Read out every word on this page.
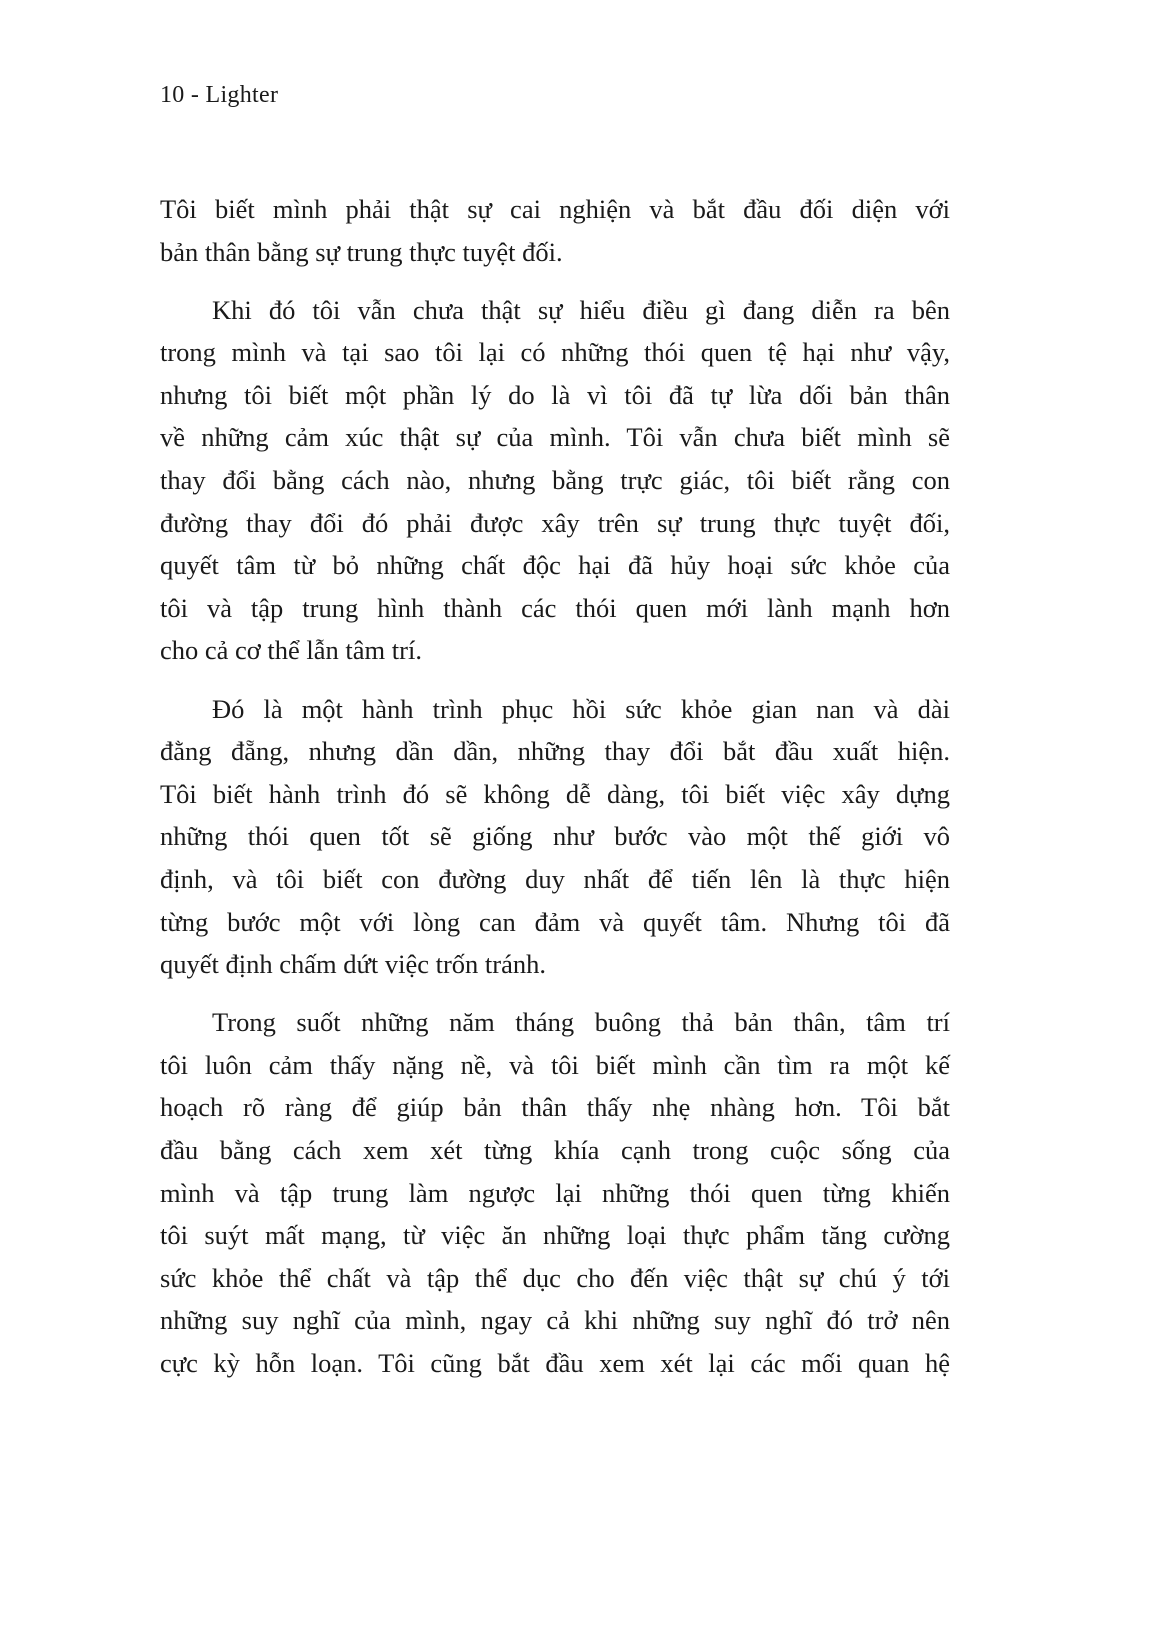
10 - Lighter
Tôi biết mình phải thật sự cai nghiện và bắt đầu đối diện với
bản thân bằng sự trung thực tuyệt đối.
Khi đó tôi vẫn chưa thật sự hiểu điều gì đang diễn ra bên
trong mình và tại sao tôi lại có những thói quen tệ hại như vậy,
nhưng tôi biết một phần lý do là vì tôi đã tự lừa dối bản thân
về những cảm xúc thật sự của mình. Tôi vẫn chưa biết mình sẽ
thay đổi bằng cách nào, nhưng bằng trực giác, tôi biết rằng con
đường thay đổi đó phải được xây trên sự trung thực tuyệt đối,
quyết tâm từ bỏ những chất độc hại đã hủy hoại sức khỏe của
tôi và tập trung hình thành các thói quen mới lành mạnh hơn
cho cả cơ thể lẫn tâm trí.
Đó là một hành trình phục hồi sức khỏe gian nan và dài
đằng đẵng, nhưng dần dần, những thay đổi bắt đầu xuất hiện.
Tôi biết hành trình đó sẽ không dễ dàng, tôi biết việc xây dựng
những thói quen tốt sẽ giống như bước vào một thế giới vô
định, và tôi biết con đường duy nhất để tiến lên là thực hiện
từng bước một với lòng can đảm và quyết tâm. Nhưng tôi đã
quyết định chấm dứt việc trốn tránh.
Trong suốt những năm tháng buông thả bản thân, tâm trí
tôi luôn cảm thấy nặng nề, và tôi biết mình cần tìm ra một kế
hoạch rõ ràng để giúp bản thân thấy nhẹ nhàng hơn. Tôi bắt
đầu bằng cách xem xét từng khía cạnh trong cuộc sống của
mình và tập trung làm ngược lại những thói quen từng khiến
tôi suýt mất mạng, từ việc ăn những loại thực phẩm tăng cường
sức khỏe thể chất và tập thể dục cho đến việc thật sự chú ý tới
những suy nghĩ của mình, ngay cả khi những suy nghĩ đó trở nên
cực kỳ hỗn loạn. Tôi cũng bắt đầu xem xét lại các mối quan hệ
